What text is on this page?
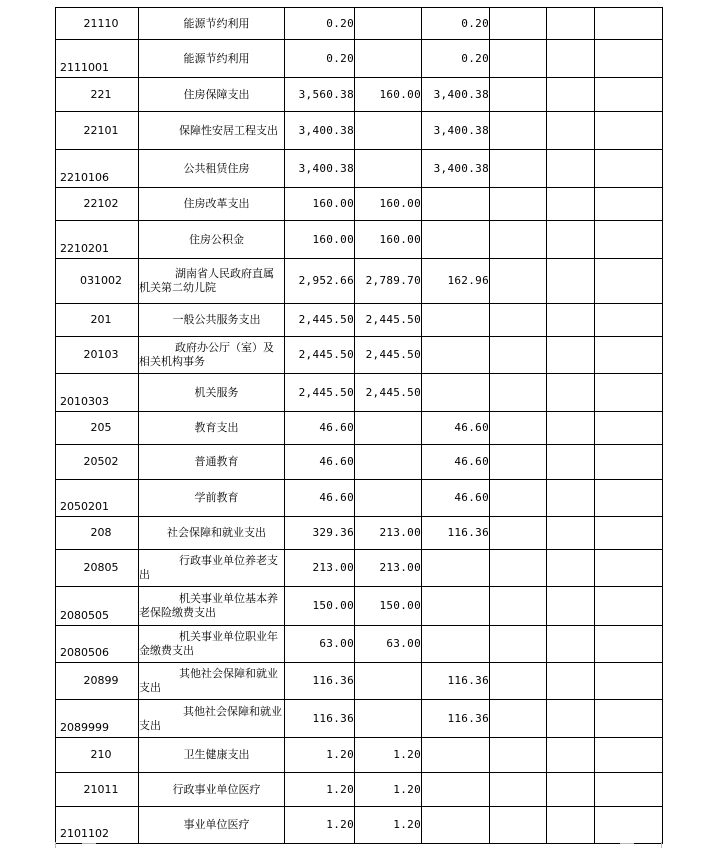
21110	能源节约利用	0.20		0.20			

2111001	能源节约利用	0.20		0.20			

221	住房保障支出	3,560.38	160.00	3,400.38			

22101	保障性安居工程支出	3,400.38		3,400.38			

2210106	公共租赁住房	3,400.38		3,400.38			

22102	住房改革支出	160.00	160.00				

2210201	住房公积金	160.00	160.00				

031002	湖南省人民政府直属机关第二幼儿院	2,952.66	2,789.70	162.96			

201	一般公共服务支出	2,445.50	2,445.50				

20103	政府办公厅（室）及相关机构事务	2,445.50	2,445.50				

2010303	机关服务	2,445.50	2,445.50				

205	教育支出	46.60		46.60			

20502	普通教育	46.60		46.60			

2050201	学前教育	46.60		46.60			

208	社会保障和就业支出	329.36	213.00	116.36			

20805	行政事业单位养老支出	213.00	213.00				

2080505	机关事业单位基本养老保险缴费支出	150.00	150.00				

2080506	机关事业单位职业年金缴费支出	63.00	63.00				

20899	其他社会保障和就业支出	116.36		116.36			

2089999	其他社会保障和就业支出	116.36		116.36			

210	卫生健康支出	1.20	1.20				

21011	行政事业单位医疗	1.20	1.20				

2101102	事业单位医疗	1.20	1.20				
